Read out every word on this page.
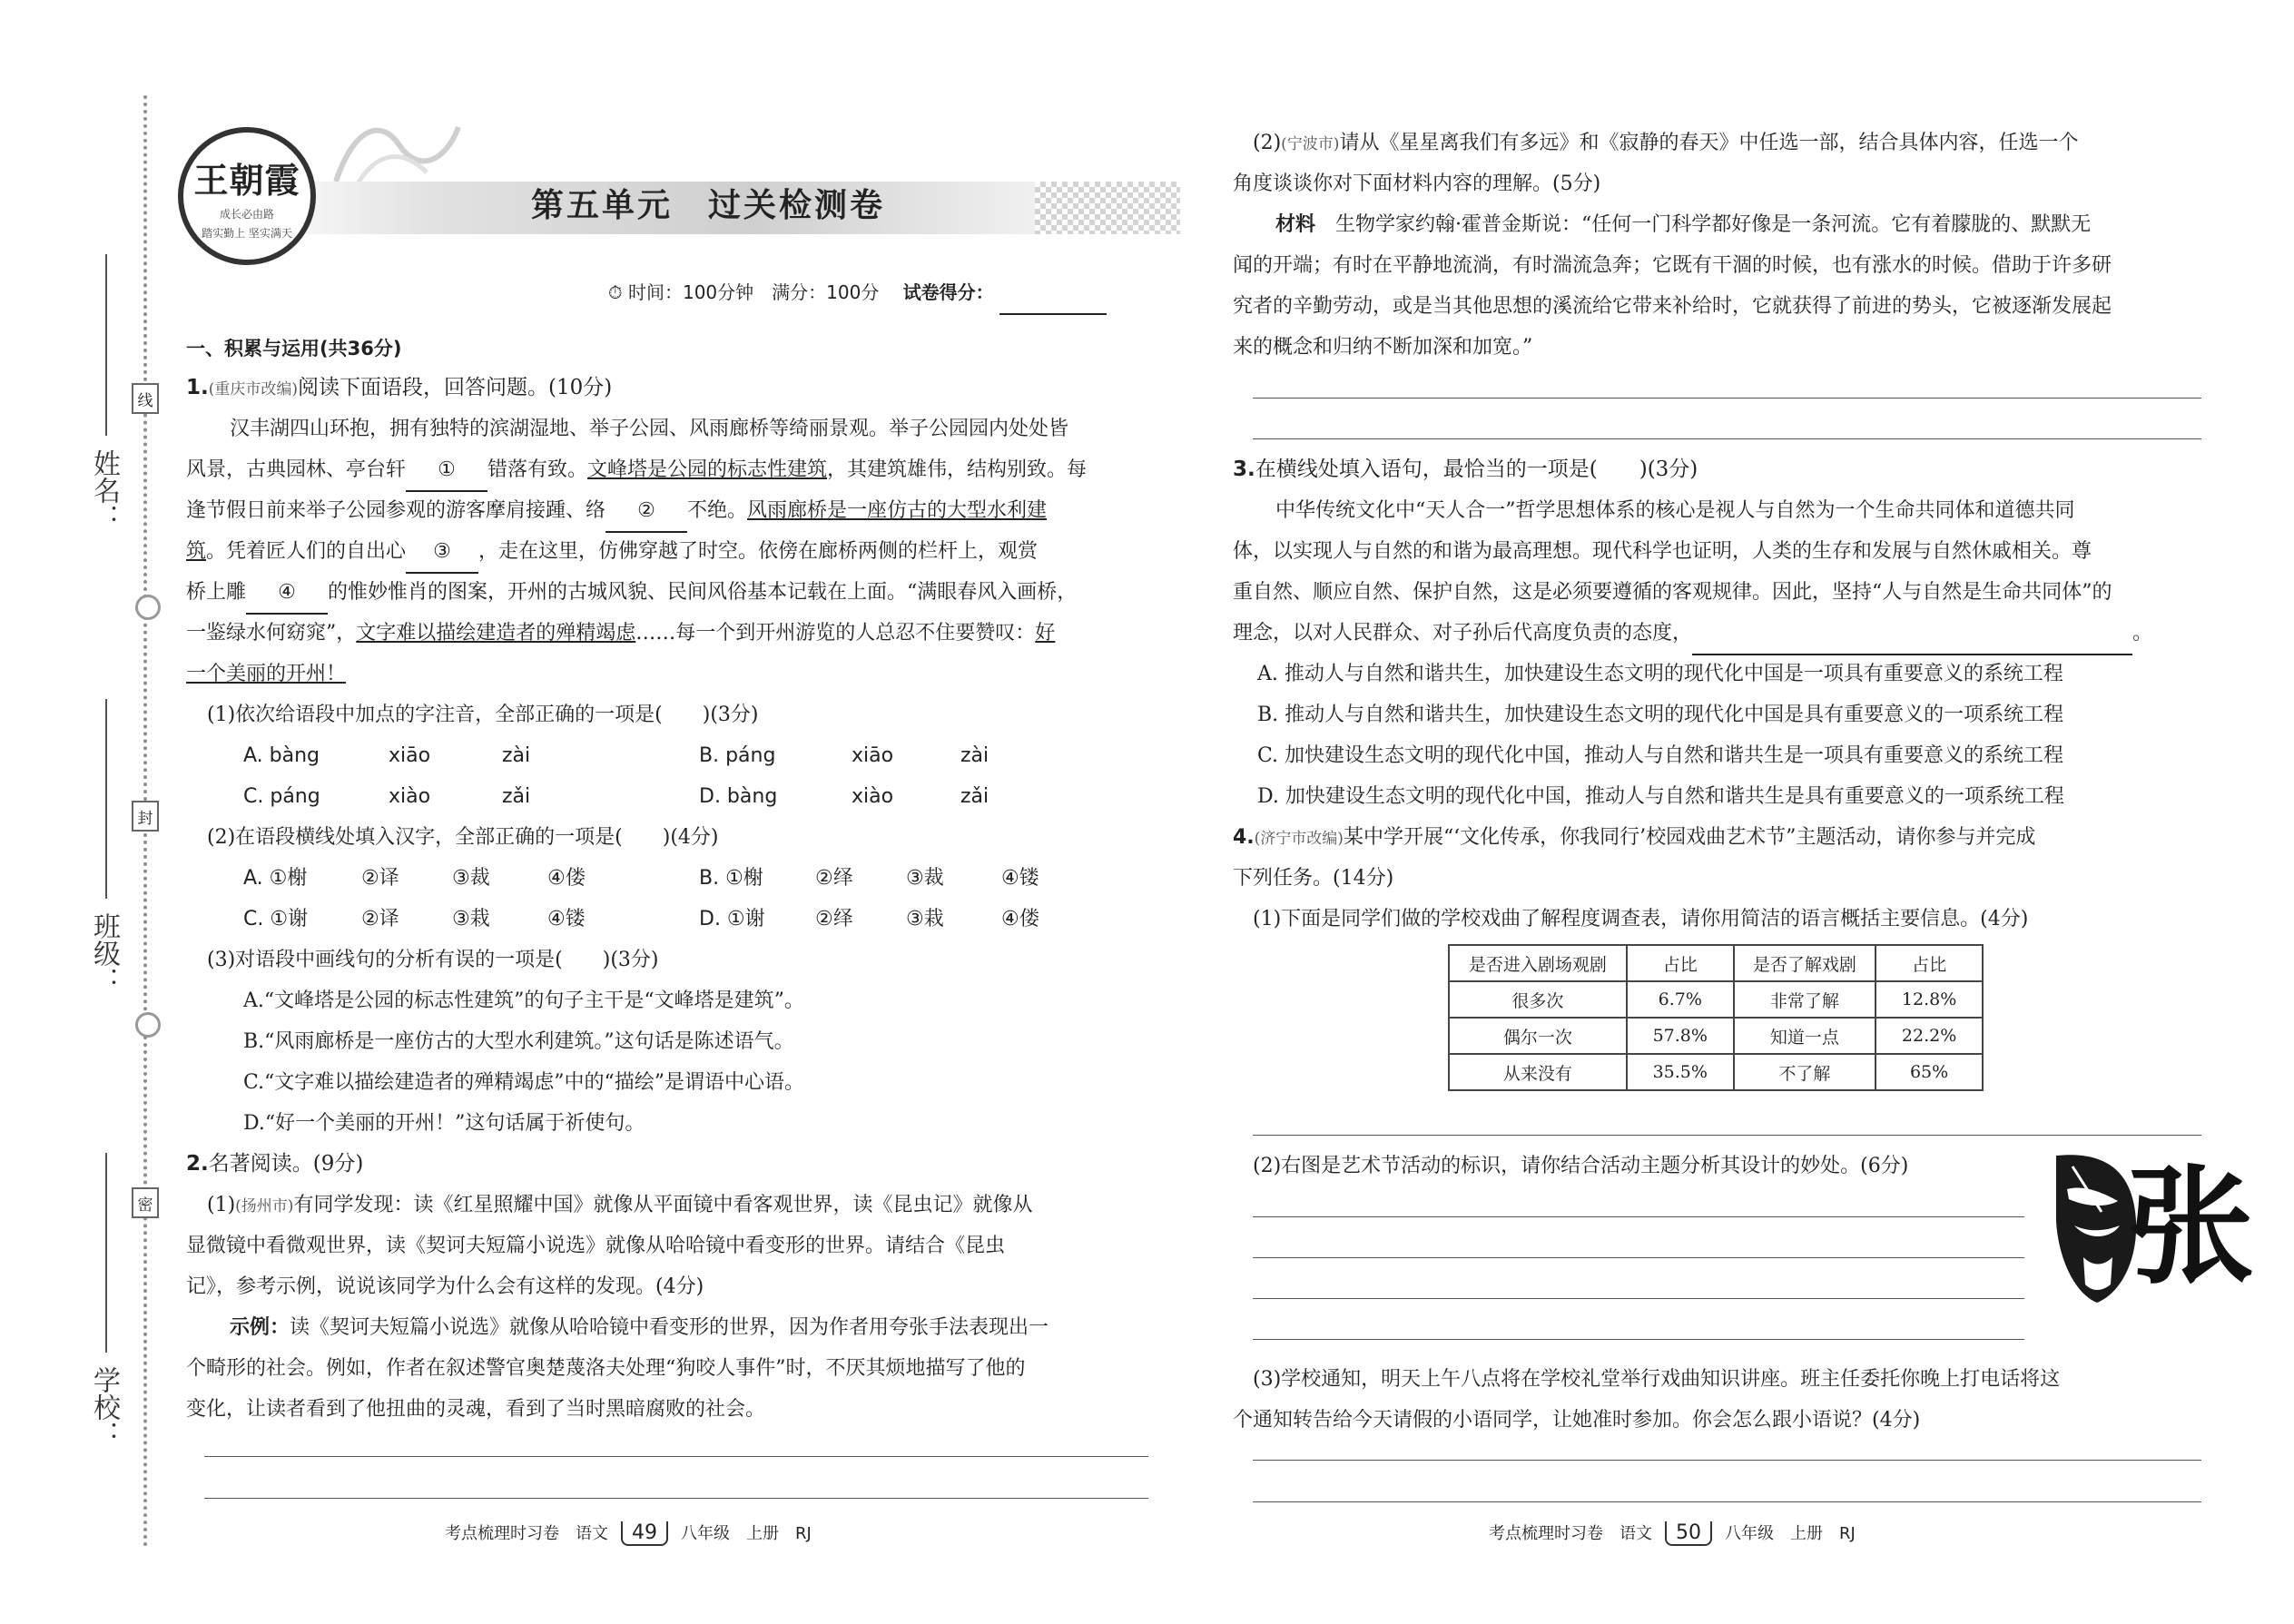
线
封
密
姓名：
班级：
学校：
王朝霞
成长必由路
踏实勤上 坚实满天
第五单元　过关检测卷
⏱ 时间：100分钟　满分：100分　 试卷得分：
一、积累与运用(共36分)
1.(重庆市改编)阅读下面语段，回答问题。(10分)
汉丰湖四山环抱，拥有独特的滨湖湿地、举子公园、风雨廊桥等绮丽景观。举子公园园内处处皆
风景，古典园林、亭台轩 ① 错落有致。文峰塔是公园的标志性建筑，其建筑雄伟，结构别致。每
逢节假日前来举子公园参观的游客摩肩接踵、络 ② 不绝。风雨廊桥是一座仿古的大型水利建
筑。凭着匠人们的自出心 ③ ，走在这里，仿佛穿越了时空。依傍在廊桥两侧的栏杆上，观赏
桥上雕 ④ 的惟妙惟肖的图案，开州的古城风貌、民间风俗基本记载在上面。“满眼春风入画桥，
一鉴绿水何窈窕”，文字难以描绘建造者的殚精竭虑……每一个到开州游览的人总忍不住要赞叹：好
一个美丽的开州！
(1)依次给语段中加点的字注音，全部正确的一项是(　　)(3分)
A. bàng	xiāo	zài	B. páng	xiāo	zài
C. páng	xiào	zǎi	D. bàng	xiào	zǎi
(2)在语段横线处填入汉字，全部正确的一项是(　　)(4分)
A. ①榭	②译	③裁	④偻	B. ①榭	②绎	③裁	④镂
C. ①谢	②译	③栽	④镂	D. ①谢	②绎	③栽	④偻
(3)对语段中画线句的分析有误的一项是(　　)(3分)
A.“文峰塔是公园的标志性建筑”的句子主干是“文峰塔是建筑”。
B.“风雨廊桥是一座仿古的大型水利建筑。”这句话是陈述语气。
C.“文字难以描绘建造者的殚精竭虑”中的“描绘”是谓语中心语。
D.“好一个美丽的开州！”这句话属于祈使句。
2.名著阅读。(9分)
(1)(扬州市)有同学发现：读《红星照耀中国》就像从平面镜中看客观世界，读《昆虫记》就像从
显微镜中看微观世界，读《契诃夫短篇小说选》就像从哈哈镜中看变形的世界。请结合《昆虫
记》，参考示例，说说该同学为什么会有这样的发现。(4分)
示例：读《契诃夫短篇小说选》就像从哈哈镜中看变形的世界，因为作者用夸张手法表现出一
个畸形的社会。例如，作者在叙述警官奥楚蔑洛夫处理“狗咬人事件”时，不厌其烦地描写了他的
变化，让读者看到了他扭曲的灵魂，看到了当时黑暗腐败的社会。
考点梳理时习卷　语文 49 八年级　上册　RJ
(2)(宁波市)请从《星星离我们有多远》和《寂静的春天》中任选一部，结合具体内容，任选一个
角度谈谈你对下面材料内容的理解。(5分)
材料　 生物学家约翰·霍普金斯说：“任何一门科学都好像是一条河流。它有着朦胧的、默默无
闻的开端；有时在平静地流淌，有时湍流急奔；它既有干涸的时候，也有涨水的时候。借助于许多研
究者的辛勤劳动，或是当其他思想的溪流给它带来补给时，它就获得了前进的势头，它被逐渐发展起
来的概念和归纳不断加深和加宽。”
3.在横线处填入语句，最恰当的一项是(　　)(3分)
中华传统文化中“天人合一”哲学思想体系的核心是视人与自然为一个生命共同体和道德共同
体，以实现人与自然的和谐为最高理想。现代科学也证明，人类的生存和发展与自然休戚相关。尊
重自然、顺应自然、保护自然，这是必须要遵循的客观规律。因此，坚持“人与自然是生命共同体”的
理念，以对人民群众、对子孙后代高度负责的态度，	。
A. 推动人与自然和谐共生，加快建设生态文明的现代化中国是一项具有重要意义的系统工程
B. 推动人与自然和谐共生，加快建设生态文明的现代化中国是具有重要意义的一项系统工程
C. 加快建设生态文明的现代化中国，推动人与自然和谐共生是一项具有重要意义的系统工程
D. 加快建设生态文明的现代化中国，推动人与自然和谐共生是具有重要意义的一项系统工程
4.(济宁市改编)某中学开展“‘文化传承，你我同行’校园戏曲艺术节”主题活动，请你参与并完成
下列任务。(14分)
(1)下面是同学们做的学校戏曲了解程度调查表，请你用简洁的语言概括主要信息。(4分)
是否进入剧场观剧	占比	是否了解戏剧	占比
很多次	6.7%	非常了解	12.8%
偶尔一次	57.8%	知道一点	22.2%
从来没有	35.5%	不了解	65%
(2)右图是艺术节活动的标识，请你结合活动主题分析其设计的妙处。(6分) 张
(3)学校通知，明天上午八点将在学校礼堂举行戏曲知识讲座。班主任委托你晚上打电话将这
个通知转告给今天请假的小语同学，让她准时参加。你会怎么跟小语说？(4分)
考点梳理时习卷　语文 50 八年级　上册　RJ
